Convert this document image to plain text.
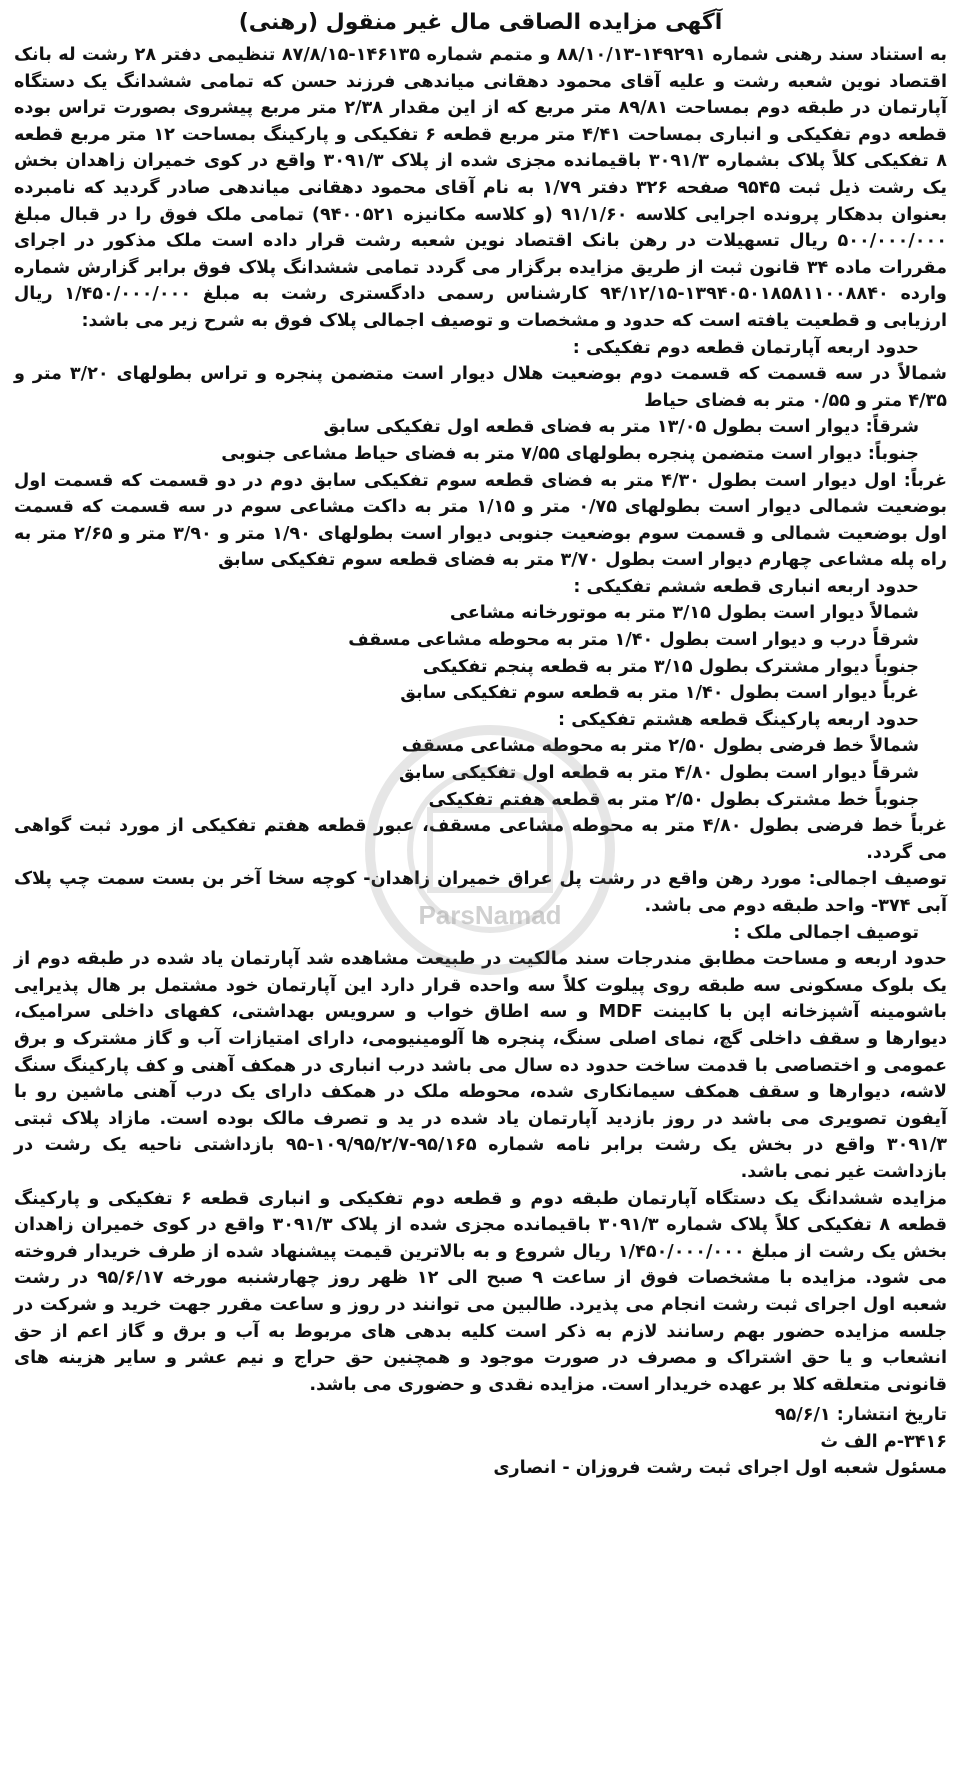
آگهی مزایده الصاقی مال غیر منقول (رهنی)

به استناد سند رهنی شماره ۱۴۹۲۹۱-۸۸/۱۰/۱۳ و متمم شماره ۱۴۶۱۳۵-۸۷/۸/۱۵ تنظیمی دفتر ۲۸ رشت له بانک اقتصاد نوین شعبه رشت و علیه آقای محمود دهقانی میاندهی فرزند حسن که تمامی ششدانگ یک دستگاه آپارتمان در طبقه دوم بمساحت ۸۹/۸۱ متر مربع که از این مقدار ۲/۳۸ متر مربع پیشروی بصورت تراس بوده قطعه دوم تفکیکی و انباری بمساحت ۴/۴۱ متر مربع قطعه ۶ تفکیکی و پارکینگ بمساحت ۱۲ متر مربع قطعه ۸ تفکیکی کلاً پلاک بشماره ۳۰۹۱/۳ باقیمانده مجزی شده از پلاک ۳۰۹۱/۳ واقع در کوی خمیران زاهدان بخش یک رشت ذیل ثبت ۹۵۴۵ صفحه ۳۲۶ دفتر ۱/۷۹ به نام آقای محمود دهقانی میاندهی صادر گردید که نامبرده بعنوان بدهکار پرونده اجرایی کلاسه ۹۱/۱/۶۰ (و کلاسه مکانیزه ۹۴۰۰۵۲۱) تمامی ملک فوق را در قبال مبلغ ۵۰۰/۰۰۰/۰۰۰ ریال تسهیلات در رهن بانک اقتصاد نوین شعبه رشت قرار داده است ملک مذکور در اجرای مقررات ماده ۳۴ قانون ثبت از طریق مزایده برگزار می گردد تمامی ششدانگ پلاک فوق برابر گزارش شماره وارده ۱۳۹۴۰۵۰۱۸۵۸۱۱۰۰۸۸۴۰-۹۴/۱۲/۱۵ کارشناس رسمی دادگستری رشت به مبلغ ۱/۴۵۰/۰۰۰/۰۰۰ ریال ارزیابی و قطعیت یافته است که حدود و مشخصات و توصیف اجمالی پلاک فوق به شرح زیر می باشد:

حدود اربعه آپارتمان قطعه دوم تفکیکی :

شمالاً در سه قسمت که قسمت دوم بوضعیت هلال دیوار است متضمن پنجره و تراس بطولهای ۳/۲۰ متر و ۴/۳۵ متر و ۰/۵۵ متر به فضای حیاط

شرقاً: دیوار است بطول ۱۳/۰۵ متر به فضای قطعه اول تفکیکی سابق

جنوباً: دیوار است متضمن پنجره بطولهای ۷/۵۵ متر به فضای حیاط مشاعی جنوبی

غرباً: اول دیوار است بطول ۴/۳۰ متر به فضای قطعه سوم تفکیکی سابق دوم در دو قسمت که قسمت اول بوضعیت شمالی دیوار است بطولهای ۰/۷۵ متر و ۱/۱۵ متر به داکت مشاعی سوم در سه قسمت که قسمت اول بوضعیت شمالی و قسمت سوم بوضعیت جنوبی دیوار است بطولهای ۱/۹۰ متر و ۳/۹۰ متر و ۲/۶۵ متر به راه پله مشاعی چهارم دیوار است بطول ۳/۷۰ متر به فضای قطعه سوم تفکیکی سابق

حدود اربعه انباری قطعه ششم تفکیکی :

شمالاً دیوار است بطول ۳/۱۵ متر به موتورخانه مشاعی

شرقاً درب و دیوار است بطول ۱/۴۰ متر به محوطه مشاعی مسقف

جنوباً دیوار مشترک بطول ۳/۱۵ متر به قطعه پنجم تفکیکی

غرباً دیوار است بطول ۱/۴۰ متر به قطعه سوم تفکیکی سابق

حدود اربعه پارکینگ قطعه هشتم تفکیکی :

شمالاً خط فرضی بطول ۲/۵۰ متر به محوطه مشاعی مسقف

شرقاً دیوار است بطول ۴/۸۰ متر به قطعه اول تفکیکی سابق

جنوباً خط مشترک بطول ۲/۵۰ متر به قطعه هفتم تفکیکی

غرباً خط فرضی بطول ۴/۸۰ متر به محوطه مشاعی مسقف، عبور قطعه هفتم تفکیکی از مورد ثبت گواهی می گردد.

توصیف اجمالی: مورد رهن واقع در رشت پل عراق خمیران زاهدان- کوچه سخا آخر بن بست سمت چپ پلاک آبی ۳۷۴- واحد طبقه دوم می باشد.

توصیف اجمالی ملک :

حدود اربعه و مساحت مطابق مندرجات سند مالکیت در طبیعت مشاهده شد آپارتمان یاد شده در طبقه دوم از یک بلوک مسکونی سه طبقه روی پیلوت کلاً سه واحده قرار دارد این آپارتمان خود مشتمل بر هال پذیرایی باشومینه آشپزخانه اپن با کابینت MDF و سه اطاق خواب و سرویس بهداشتی، کفهای داخلی سرامیک، دیوارها و سقف داخلی گچ، نمای اصلی سنگ، پنجره ها آلومینیومی، دارای امتیازات آب و گاز مشترک و برق عمومی و اختصاصی با قدمت ساخت حدود ده سال می باشد درب انباری در همکف آهنی و کف پارکینگ سنگ لاشه، دیوارها و سقف همکف سیمانکاری شده، محوطه ملک در همکف دارای یک درب آهنی ماشین رو با آیفون تصویری می باشد در روز بازدید آپارتمان یاد شده در ید و تصرف مالک بوده است. مازاد پلاک ثبتی ۳۰۹۱/۳ واقع در بخش یک رشت برابر نامه شماره ۹۵/۱۶۵-۱۰۹/۹۵/۲/۷-۹۵ بازداشتی ناحیه یک رشت در بازداشت غیر نمی باشد.

مزایده ششدانگ یک دستگاه آپارتمان طبقه دوم و قطعه دوم تفکیکی و انباری قطعه ۶ تفکیکی و پارکینگ قطعه ۸ تفکیکی کلاً پلاک شماره ۳۰۹۱/۳ باقیمانده مجزی شده از پلاک ۳۰۹۱/۳ واقع در کوی خمیران زاهدان بخش یک رشت از مبلغ ۱/۴۵۰/۰۰۰/۰۰۰ ریال شروع و به بالاترین قیمت پیشنهاد شده از طرف خریدار فروخته می شود. مزایده با مشخصات فوق از ساعت ۹ صبح الی ۱۲ ظهر روز چهارشنبه مورخه ۹۵/۶/۱۷ در رشت شعبه اول اجرای ثبت رشت انجام می پذیرد. طالبین می توانند در روز و ساعت مقرر جهت خرید و شرکت در جلسه مزایده حضور بهم رسانند لازم به ذکر است کلیه بدهی های مربوط به آب و برق و گاز اعم از حق انشعاب و یا حق اشتراک و مصرف در صورت موجود و همچنین حق حراج و نیم عشر و سایر هزینه های قانونی متعلقه کلا بر عهده خریدار است. مزایده نقدی و حضوری می باشد.

تاریخ انتشار: ۹۵/۶/۱

۳۴۱۶-م الف ث

مسئول شعبه اول اجرای ثبت رشت فروزان - انصاری

ParsNamad
